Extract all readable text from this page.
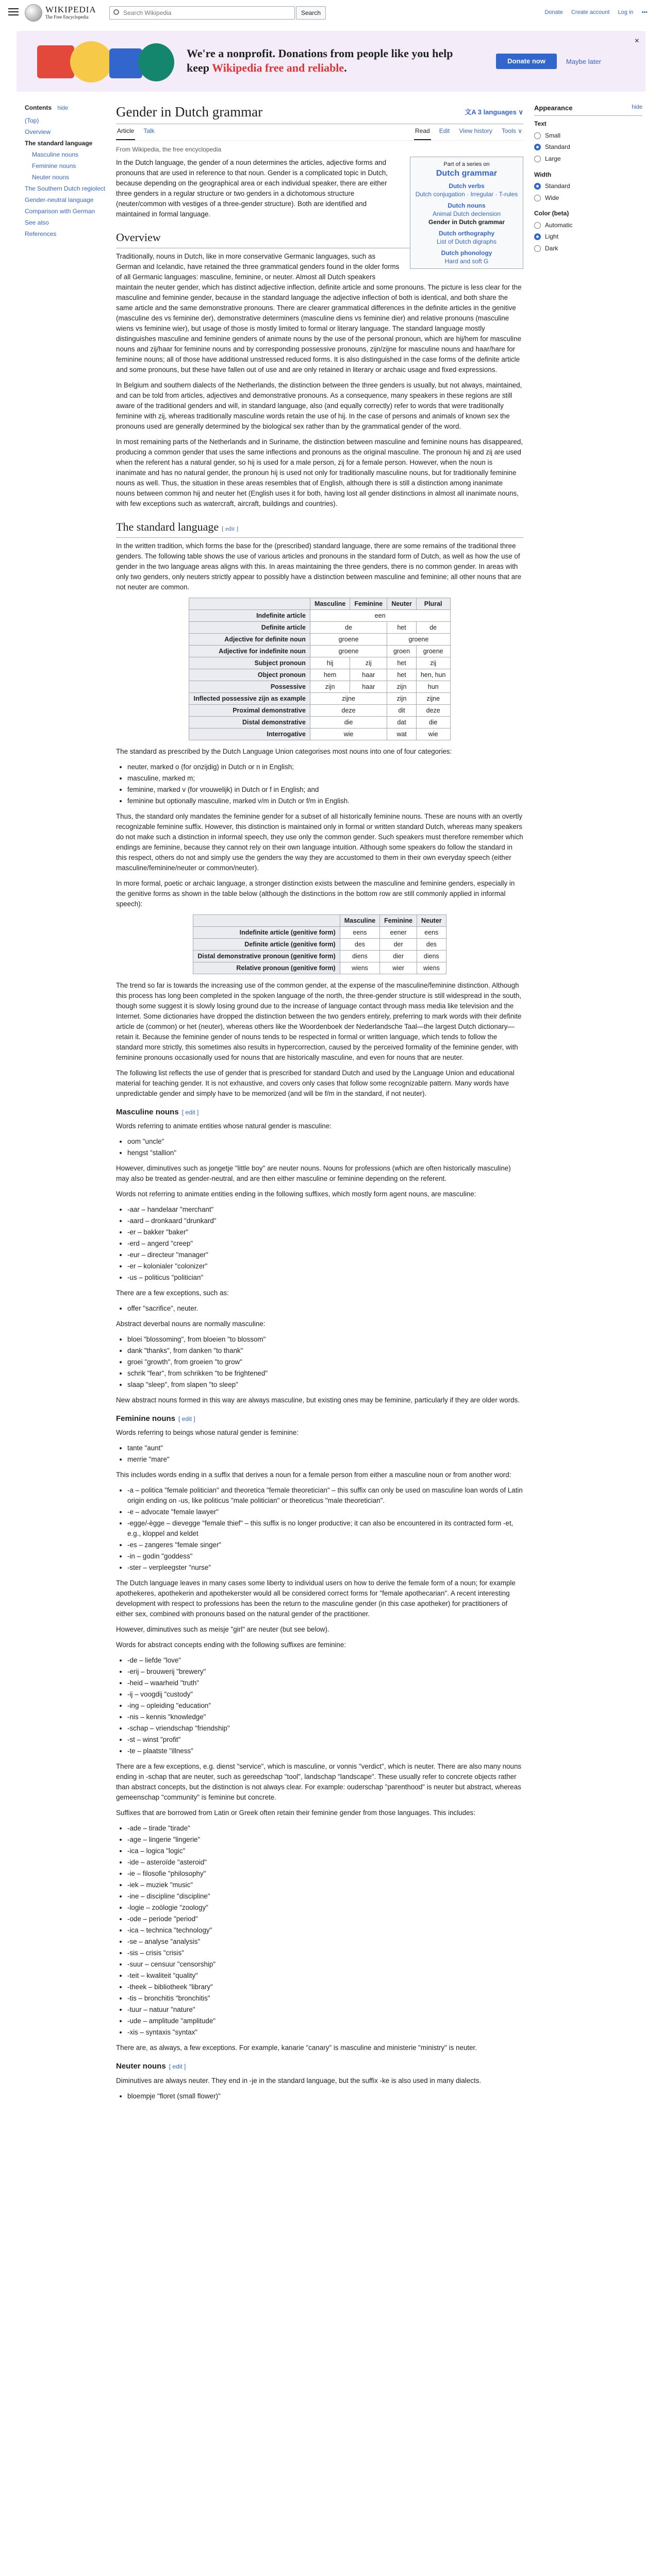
WIKIPEDIA
The Free Encyclopedia
Search Wikipedia	Search	Donate Create account Log in •••
We're a nonprofit. Donations from people like you help keep Wikipedia free and reliable.
Donate now	Maybe later
×
Contents hide
(Top)
Overview
The standard language
Masculine nouns
Feminine nouns
Neuter nouns
The Southern Dutch regiolect
Gender-neutral language
Comparison with German
See also
References
Gender in Dutch grammar	文A 3 languages ∨
Article Talk	Read Edit View history Tools ∨
From Wikipedia, the free encyclopedia
Part of a series on
Dutch grammar
Dutch verbs
Dutch conjugation · Irregular · T-rules
Dutch nouns
Animal Dutch declension
Gender in Dutch grammar
Dutch orthography
List of Dutch digraphs
Dutch phonology
Hard and soft G

In the Dutch language, the gender of a noun determines the articles, adjective forms and pronouns that are used in reference to that noun. Gender is a complicated topic in Dutch, because depending on the geographical area or each individual speaker, there are either three genders in a regular structure or two genders in a dichotomous structure (neuter/common with vestiges of a three-gender structure). Both are identified and maintained in formal language.

Overview

Traditionally, nouns in Dutch, like in more conservative Germanic languages, such as German and Icelandic, have retained the three grammatical genders found in the older forms of all Germanic languages: masculine, feminine, or neuter. Almost all Dutch speakers maintain the neuter gender, which has distinct adjective inflection, definite article and some pronouns. The picture is less clear for the masculine and feminine gender, because in the standard language the adjective inflection of both is identical, and both share the same article and the same demonstrative pronouns. There are clearer grammatical differences in the definite articles in the genitive (masculine des vs feminine der), demonstrative determiners (masculine diens vs feminine dier) and relative pronouns (masculine wiens vs feminine wier), but usage of those is mostly limited to formal or literary language. The standard language mostly distinguishes masculine and feminine genders of animate nouns by the use of the personal pronoun, which are hij/hem for masculine nouns and zij/haar for feminine nouns and by corresponding possessive pronouns, zijn/zijne for masculine nouns and haar/hare for feminine nouns; all of those have additional unstressed reduced forms. It is also distinguished in the case forms of the definite article and some pronouns, but these have fallen out of use and are only retained in literary or archaic usage and fixed expressions.

In Belgium and southern dialects of the Netherlands, the distinction between the three genders is usually, but not always, maintained, and can be told from articles, adjectives and demonstrative pronouns. As a consequence, many speakers in these regions are still aware of the traditional genders and will, in standard language, also (and equally correctly) refer to words that were traditionally feminine with zij, whereas traditionally masculine words retain the use of hij. In the case of persons and animals of known sex the pronouns used are generally determined by the biological sex rather than by the grammatical gender of the word.

In most remaining parts of the Netherlands and in Suriname, the distinction between masculine and feminine nouns has disappeared, producing a common gender that uses the same inflections and pronouns as the original masculine. The pronoun hij and zij are used when the referent has a natural gender, so hij is used for a male person, zij for a female person. However, when the noun is inanimate and has no natural gender, the pronoun hij is used not only for traditionally masculine nouns, but for traditionally feminine nouns as well. Thus, the situation in these areas resembles that of English, although there is still a distinction among inanimate nouns between common hij and neuter het (English uses it for both, having lost all gender distinctions in almost all inanimate nouns, with few exceptions such as watercraft, aircraft, buildings and countries).

The standard language [ edit ]

In the written tradition, which forms the base for the (prescribed) standard language, there are some remains of the traditional three genders. The following table shows the use of various articles and pronouns in the standard form of Dutch, as well as how the use of gender in the two language areas aligns with this. In areas maintaining the three genders, there is no common gender. In areas with only two genders, only neuters strictly appear to possibly have a distinction between masculine and feminine; all other nouns that are not neuter are common.

	Masculine	Feminine	Neuter	Plural
Indefinite article	een			
Definite article	de		het	de
Adjective for definite noun	groene		groene	
Adjective for indefinite noun	groene		groen	groene
Subject pronoun	hij	zij	het	zij
Object pronoun	hem	haar	het	hen, hun
Possessive	zijn	haar	zijn	hun
Inflected possessive zijn as example	zijne		zijn	zijne
Proximal demonstrative	deze		dit	deze
Distal demonstrative	die		dat	die
Interrogative	wie		wat	wie

The standard as prescribed by the Dutch Language Union categorises most nouns into one of four categories:

• neuter, marked o (for onzijdig) in Dutch or n in English;
• masculine, marked m;
• feminine, marked v (for vrouwelijk) in Dutch or f in English; and
• feminine but optionally masculine, marked v/m in Dutch or f/m in English.

Thus, the standard only mandates the feminine gender for a subset of all historically feminine nouns. These are nouns with an overtly recognizable feminine suffix. However, this distinction is maintained only in formal or written standard Dutch, whereas many speakers do not make such a distinction in informal speech, they use only the common gender. Such speakers must therefore remember which endings are feminine, because they cannot rely on their own language intuition. Although some speakers do follow the standard in this respect, others do not and simply use the genders the way they are accustomed to them in their own everyday speech (either masculine/feminine/neuter or common/neuter).

In more formal, poetic or archaic language, a stronger distinction exists between the masculine and feminine genders, especially in the genitive forms as shown in the table below (although the distinctions in the bottom row are still commonly applied in informal speech):

	Masculine	Feminine	Neuter
Indefinite article (genitive form)	eens	eener	eens
Definite article (genitive form)	des	der	des
Distal demonstrative pronoun (genitive form)	diens	dier	diens
Relative pronoun (genitive form)	wiens	wier	wiens

The trend so far is towards the increasing use of the common gender, at the expense of the masculine/feminine distinction. Although this process has long been completed in the spoken language of the north, the three-gender structure is still widespread in the south, though some suggest it is slowly losing ground due to the increase of language contact through mass media like television and the Internet. Some dictionaries have dropped the distinction between the two genders entirely, preferring to mark words with their definite article de (common) or het (neuter), whereas others like the Woordenboek der Nederlandsche Taal—the largest Dutch dictionary—retain it. Because the feminine gender of nouns tends to be respected in formal or written language, which tends to follow the standard more strictly, this sometimes also results in hypercorrection, caused by the perceived formality of the feminine gender, with feminine pronouns occasionally used for nouns that are historically masculine, and even for nouns that are neuter.

The following list reflects the use of gender that is prescribed for standard Dutch and used by the Language Union and educational material for teaching gender. It is not exhaustive, and covers only cases that follow some recognizable pattern. Many words have unpredictable gender and simply have to be memorized (and will be f/m in the standard, if not neuter).

Masculine nouns [ edit ]

Words referring to animate entities whose natural gender is masculine:

• oom "uncle"
• hengst "stallion"

However, diminutives such as jongetje "little boy" are neuter nouns. Nouns for professions (which are often historically masculine) may also be treated as gender-neutral, and are then either masculine or feminine depending on the referent.

Words not referring to animate entities ending in the following suffixes, which mostly form agent nouns, are masculine:

• -aar – handelaar "merchant"
• -aard – dronkaard "drunkard"
• -er – bakker "baker"
• -erd – angerd "creep"
• -eur – directeur "manager"
• -er – kolonialer "colonizer"
• -us – politicus "politician"

There are a few exceptions, such as:

• offer "sacrifice", neuter.

Abstract deverbal nouns are normally masculine:

• bloei "blossoming", from bloeien "to blossom"
• dank "thanks", from danken "to thank"
• groei "growth", from groeien "to grow"
• schrik "fear", from schrikken "to be frightened"
• slaap "sleep", from slapen "to sleep"

New abstract nouns formed in this way are always masculine, but existing ones may be feminine, particularly if they are older words.

Feminine nouns [ edit ]

Words referring to beings whose natural gender is feminine:

• tante "aunt"
• merrie "mare"

This includes words ending in a suffix that derives a noun for a female person from either a masculine noun or from another word:

• -a – politica "female politician" and theoretica "female theoretician" – this suffix can only be used on masculine loan words of Latin origin ending on -us, like politicus "male politician" or theoreticus "male theoretician".
• -e – advocate "female lawyer"
• -egge/-ègge – dievegge "female thief" – this suffix is no longer productive; it can also be encountered in its contracted form -et, e.g., kloppel and keldet
• -es – zangeres "female singer"
• -in – godin "goddess"
• -ster – verpleegster "nurse"

The Dutch language leaves in many cases some liberty to individual users on how to derive the female form of a noun; for example apothekeres, apothekerin and apothekerster would all be considered correct forms for "female apothecarian". A recent interesting development with respect to professions has been the return to the masculine gender (in this case apotheker) for practitioners of either sex, combined with pronouns based on the natural gender of the practitioner.

However, diminutives such as meisje "girl" are neuter (but see below).

Words for abstract concepts ending with the following suffixes are feminine:

• -de – liefde "love"
• -erij – brouwerij "brewery"
• -heid – waarheid "truth"
• -ij – voogdij "custody"
• -ing – opleiding "education"
• -nis – kennis "knowledge"
• -schap – vriendschap "friendship"
• -st – winst "profit"
• -te – plaatste "illness"

There are a few exceptions, e.g. dienst "service", which is masculine, or vonnis "verdict", which is neuter. There are also many nouns ending in -schap that are neuter, such as gereedschap "tool", landschap "landscape". These usually refer to concrete objects rather than abstract concepts, but the distinction is not always clear. For example: ouderschap "parenthood" is neuter but abstract, whereas gemeenschap "community" is feminine but concrete.

Suffixes that are borrowed from Latin or Greek often retain their feminine gender from those languages. This includes:

• -ade – tirade "tirade"
• -age – lingerie "lingerie"
• -ica – logica "logic"
• -ide – asteroïde "asteroid"
• -ie – filosofie "philosophy"
• -iek – muziek "music"
• -ine – discipline "discipline"
• -logie – zoölogie "zoology"
• -ode – periode "period"
• -ica – technica "technology"
• -se – analyse "analysis"
• -sis – crisis "crisis"
• -suur – censuur "censorship"
• -teit – kwaliteit "quality"
• -theek – bibliotheek "library"
• -tis – bronchitis "bronchitis"
• -tuur – natuur "nature"
• -ude – amplitude "amplitude"
• -xis – syntaxis "syntax"

There are, as always, a few exceptions. For example, kanarie "canary" is masculine and ministerie "ministry" is neuter.

Neuter nouns [ edit ]

Diminutives are always neuter. They end in -je in the standard language, but the suffix -ke is also used in many dialects.

• bloempje "floret (small flower)"
Appearance	hide
Text
Small
Standard
Large
Width
Standard
Wide
Color (beta)
Automatic
Light
Dark
